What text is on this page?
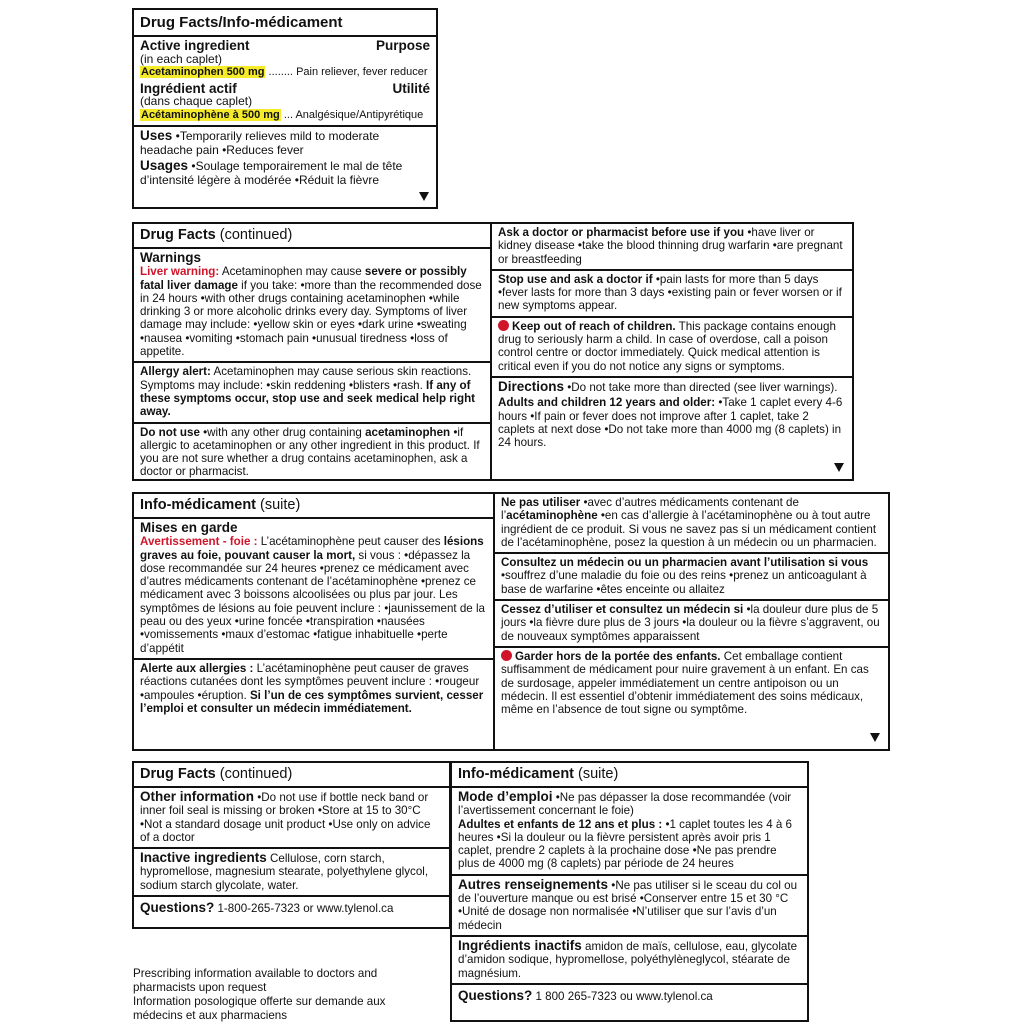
Drug Facts/Info-médicament
Active ingredient	Purpose
(in each caplet)
Acetaminophen 500 mg ........ Pain reliever, fever reducer
Ingrédient actif	Utilité
(dans chaque caplet)
Acétaminophène à 500 mg ... Analgésique/Antipyrétique
Uses •Temporarily relieves mild to moderate headache pain •Reduces fever
Usages •Soulage temporairement le mal de tête d’intensité légère à modérée •Réduit la fièvre
Drug Facts (continued)
Warnings
Liver warning: Acetaminophen may cause severe or possibly fatal liver damage if you take: •more than the recommended dose in 24 hours •with other drugs containing acetaminophen •while drinking 3 or more alcoholic drinks every day. Symptoms of liver damage may include: •yellow skin or eyes •dark urine •sweating •nausea •vomiting •stomach pain •unusual tiredness •loss of appetite.
Allergy alert: Acetaminophen may cause serious skin reactions. Symptoms may include: •skin reddening •blisters •rash. If any of these symptoms occur, stop use and seek medical help right away.
Do not use •with any other drug containing acetaminophen •if allergic to acetaminophen or any other ingredient in this product. If you are not sure whether a drug contains acetaminophen, ask a doctor or pharmacist.
Ask a doctor or pharmacist before use if you •have liver or kidney disease •take the blood thinning drug warfarin •are pregnant or breastfeeding
Stop use and ask a doctor if •pain lasts for more than 5 days •fever lasts for more than 3 days •existing pain or fever worsen or if new symptoms appear.
Keep out of reach of children. This package contains enough drug to seriously harm a child. In case of overdose, call a poison control centre or doctor immediately. Quick medical attention is critical even if you do not notice any signs or symptoms.
Directions •Do not take more than directed (see liver warnings).
Adults and children 12 years and older: •Take 1 caplet every 4-6 hours •If pain or fever does not improve after 1 caplet, take 2 caplets at next dose •Do not take more than 4000 mg (8 caplets) in 24 hours.
Info-médicament (suite)
Mises en garde
Avertissement - foie : L’acétaminophène peut causer des lésions graves au foie, pouvant causer la mort, si vous : •dépassez la dose recommandée sur 24 heures •prenez ce médicament avec d’autres médicaments contenant de l’acétaminophène •prenez ce médicament avec 3 boissons alcoolisées ou plus par jour. Les symptômes de lésions au foie peuvent inclure : •jaunissement de la peau ou des yeux •urine foncée •transpiration •nausées •vomissements •maux d’estomac •fatigue inhabituelle •perte d’appétit
Alerte aux allergies : L’acétaminophène peut causer de graves réactions cutanées dont les symptômes peuvent inclure : •rougeur •ampoules •éruption. Si l’un de ces symptômes survient, cesser l’emploi et consulter un médecin immédiatement.
Ne pas utiliser •avec d’autres médicaments contenant de l’acétaminophène •en cas d’allergie à l’acétaminophène ou à tout autre ingrédient de ce produit. Si vous ne savez pas si un médicament contient de l’acétaminophène, posez la question à un médecin ou un pharmacien.
Consultez un médecin ou un pharmacien avant l’utilisation si vous •souffrez d’une maladie du foie ou des reins •prenez un anticoagulant à base de warfarine •êtes enceinte ou allaitez
Cessez d’utiliser et consultez un médecin si •la douleur dure plus de 5 jours •la fièvre dure plus de 3 jours •la douleur ou la fièvre s’aggravent, ou de nouveaux symptômes apparaissent
Garder hors de la portée des enfants. Cet emballage contient suffisamment de médicament pour nuire gravement à un enfant. En cas de surdosage, appeler immédiatement un centre antipoison ou un médecin. Il est essentiel d’obtenir immédiatement des soins médicaux, même en l’absence de tout signe ou symptôme.
Drug Facts (continued)
Other information •Do not use if bottle neck band or inner foil seal is missing or broken •Store at 15 to 30°C •Not a standard dosage unit product •Use only on advice of a doctor
Inactive ingredients Cellulose, corn starch, hypromellose, magnesium stearate, polyethylene glycol, sodium starch glycolate, water.
Questions? 1-800-265-7323 or www.tylenol.ca
Info-médicament (suite)
Mode d’emploi •Ne pas dépasser la dose recommandée (voir l’avertissement concernant le foie)
Adultes et enfants de 12 ans et plus : •1 caplet toutes les 4 à 6 heures •Si la douleur ou la fièvre persistent après avoir pris 1 caplet, prendre 2 caplets à la prochaine dose •Ne pas prendre plus de 4000 mg (8 caplets) par période de 24 heures
Autres renseignements •Ne pas utiliser si le sceau du col ou de l’ouverture manque ou est brisé •Conserver entre 15 et 30 °C •Unité de dosage non normalisée •N’utiliser que sur l’avis d’un médecin
Ingrédients inactifs amidon de maïs, cellulose, eau, glycolate d’amidon sodique, hypromellose, polyéthylèneglycol, stéarate de magnésium.
Questions? 1 800 265-7323 ou www.tylenol.ca
Prescribing information available to doctors and pharmacists upon request
Information posologique offerte sur demande aux médecins et aux pharmaciens
